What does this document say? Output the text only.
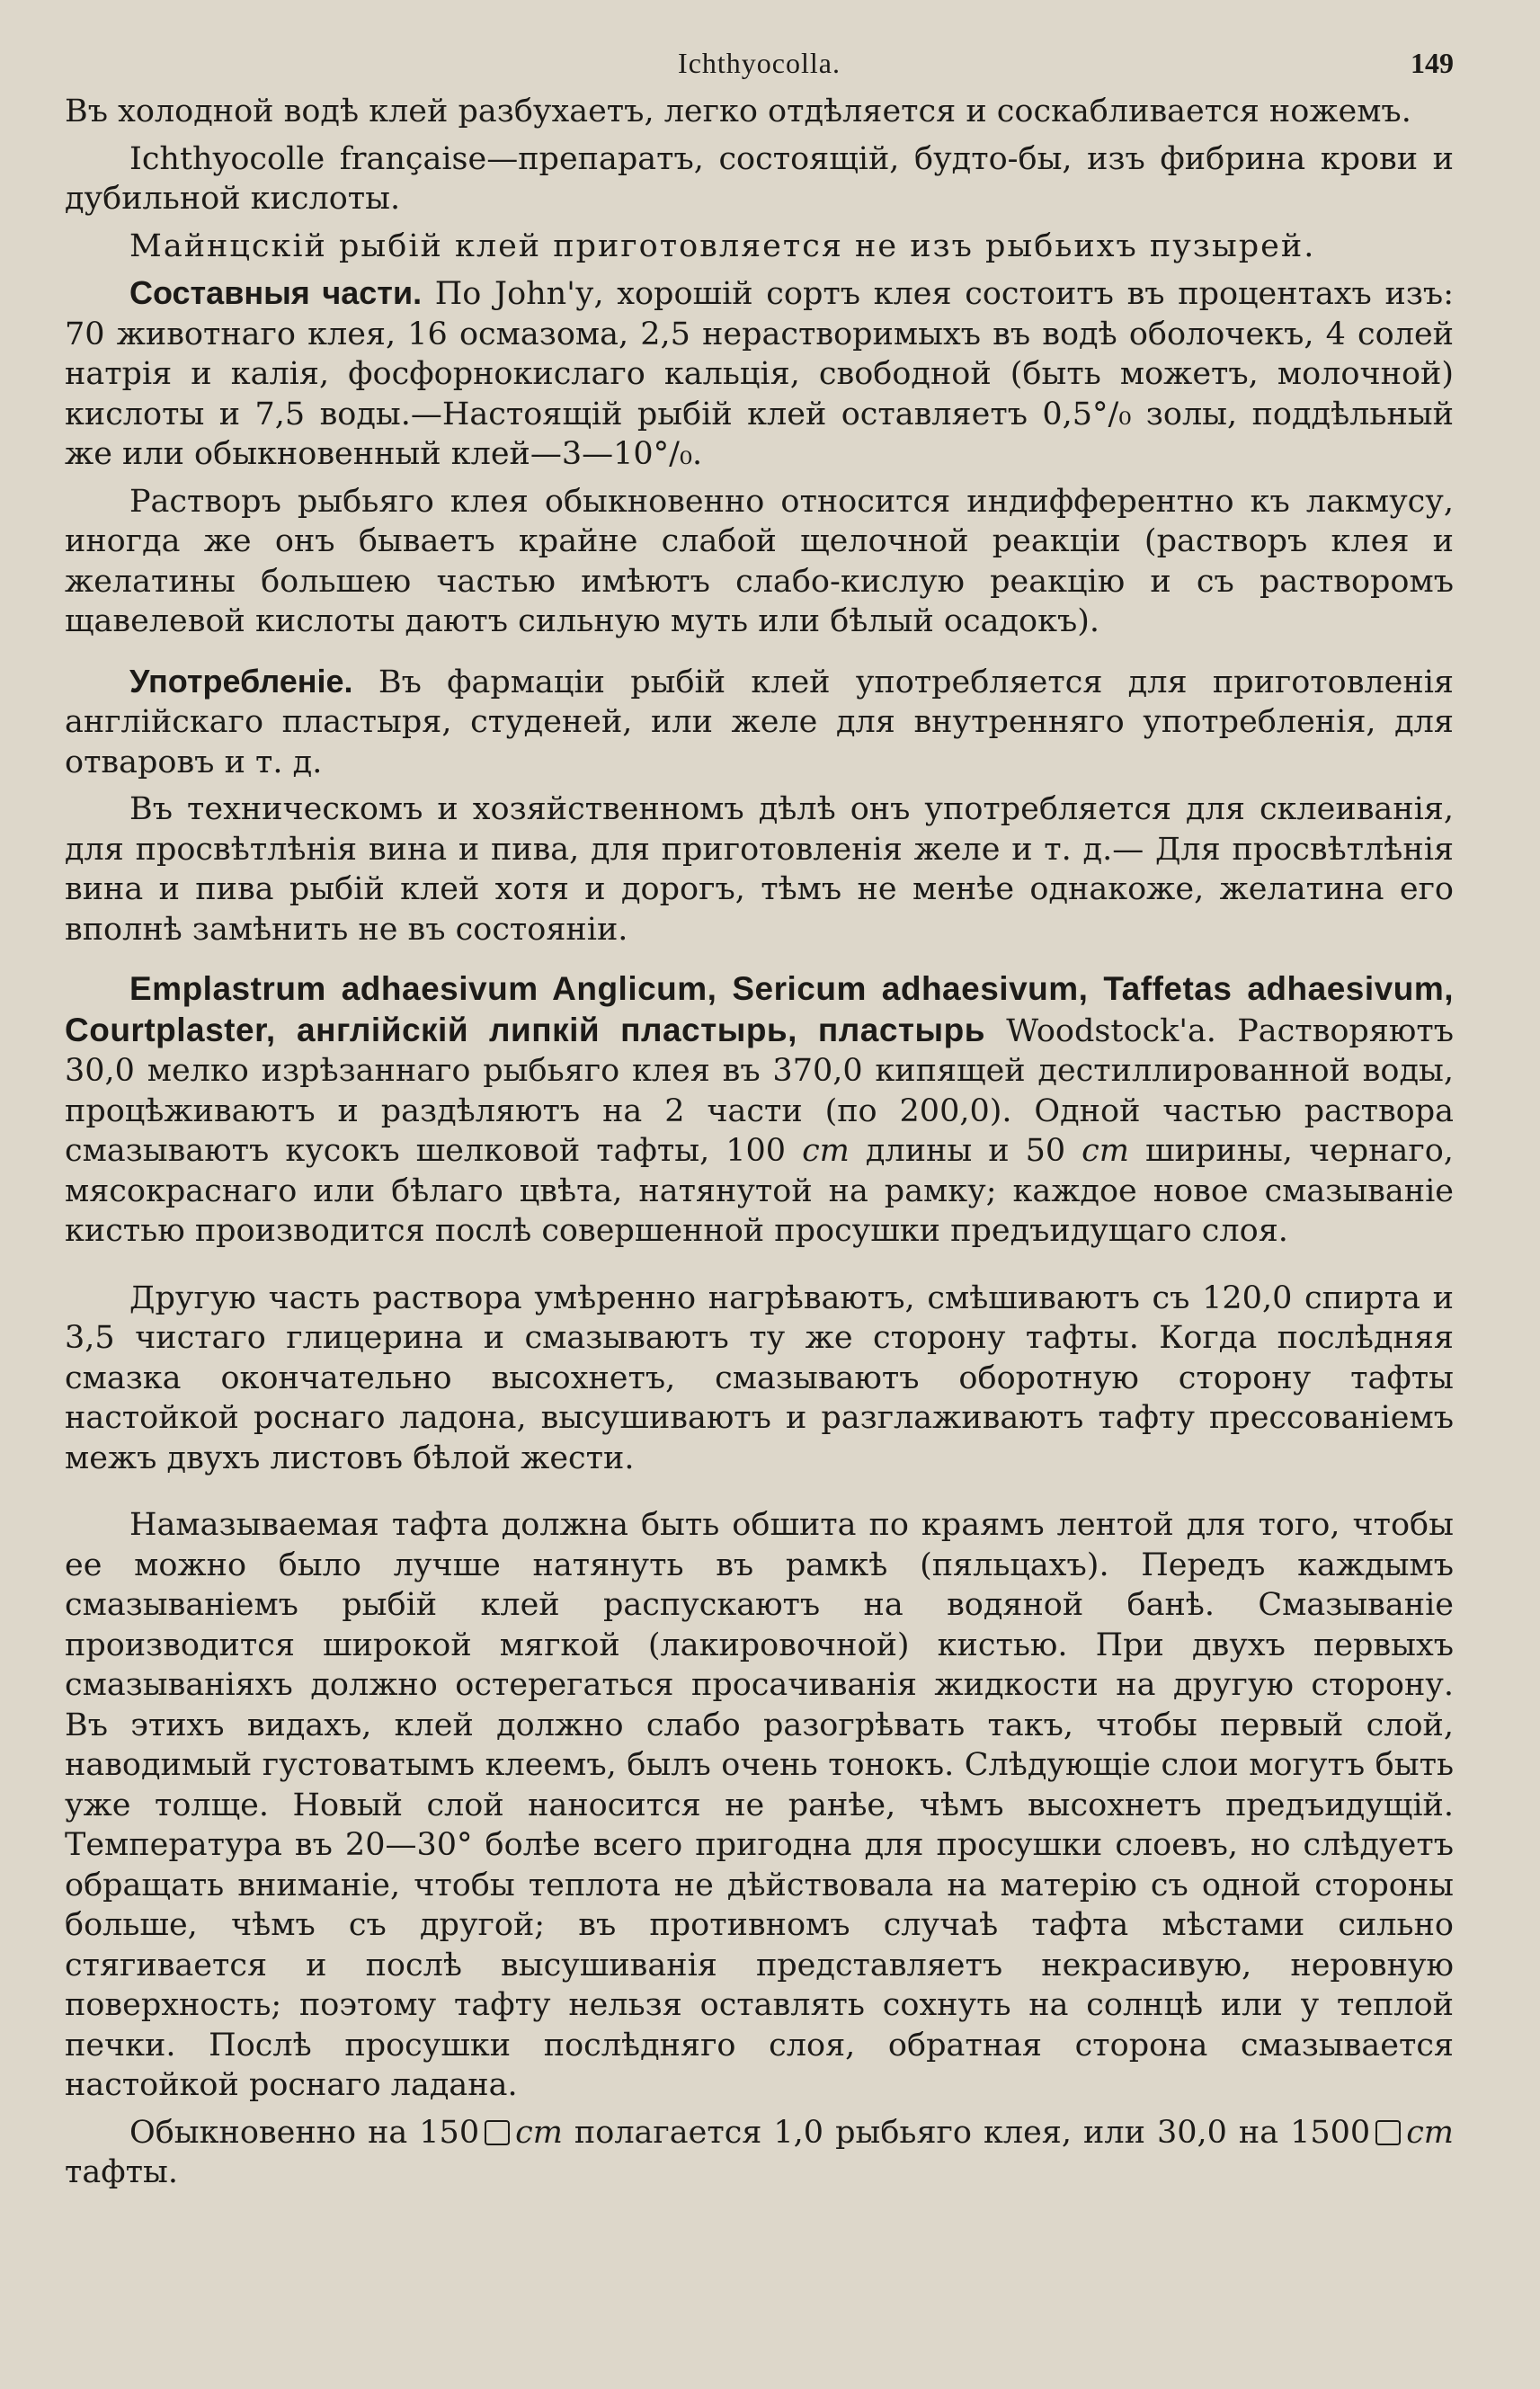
Ichthyocolla.	149

Въ холодной водѣ клей разбухаетъ, легко отдѣляется и соскабливается ножемъ.

Ichthyocolle française—препаратъ, состоящій, будто-бы, изъ фибрина крови и дубильной кислоты.

Майнцскій рыбій клей приготовляется не изъ рыбьихъ пузырей.

Составныя части. По John'у, хорошій сортъ клея состоитъ въ процентахъ изъ: 70 животнаго клея, 16 осмазома, 2,5 нерастворимыхъ въ водѣ оболочекъ, 4 солей натрія и калія, фосфорнокислаго кальція, свободной (быть можетъ, молочной) кислоты и 7,5 воды.—Настоящій рыбій клей оставляетъ 0,5°/₀ золы, поддѣльный же или обыкновенный клей—3—10°/₀.

Растворъ рыбьяго клея обыкновенно относится индифферентно къ лакмусу, иногда же онъ бываетъ крайне слабой щелочной реакціи (растворъ клея и желатины большею частью имѣютъ слабо-кислую реакцію и съ растворомъ щавелевой кислоты даютъ сильную муть или бѣлый осадокъ).

Употребленіе. Въ фармаціи рыбій клей употребляется для приготовленія англійскаго пластыря, студеней, или желе для внутренняго употребленія, для отваровъ и т. д.

Въ техническомъ и хозяйственномъ дѣлѣ онъ употребляется для склеиванія, для просвѣтлѣнія вина и пива, для приготовленія желе и т. д.— Для просвѣтлѣнія вина и пива рыбій клей хотя и дорогъ, тѣмъ не менѣе однакоже, желатина его вполнѣ замѣнить не въ состояніи.

Emplastrum adhaesivum Anglicum, Sericum adhaesivum, Taffetas adhaesivum, Courtplaster, англійскій липкій пластырь, пластырь Woodstock'a. Растворяютъ 30,0 мелко изрѣзаннаго рыбьяго клея въ 370,0 кипящей дестиллированной воды, процѣживаютъ и раздѣляютъ на 2 части (по 200,0). Одной частью раствора смазываютъ кусокъ шелковой тафты, 100 cm длины и 50 cm ширины, чернаго, мясокраснаго или бѣлаго цвѣта, натянутой на рамку; каждое новое смазываніе кистью производится послѣ совершенной просушки предъидущаго слоя.

Другую часть раствора умѣренно нагрѣваютъ, смѣшиваютъ съ 120,0 спирта и 3,5 чистаго глицерина и смазываютъ ту же сторону тафты. Когда послѣдняя смазка окончательно высохнетъ, смазываютъ оборотную сторону тафты настойкой роснаго ладона, высушиваютъ и разглаживаютъ тафту прессованіемъ межъ двухъ листовъ бѣлой жести.

Намазываемая тафта должна быть обшита по краямъ лентой для того, чтобы ее можно было лучше натянуть въ рамкѣ (пяльцахъ). Передъ каждымъ смазываніемъ рыбій клей распускаютъ на водяной банѣ. Смазываніе производится широкой мягкой (лакировочной) кистью. При двухъ первыхъ смазываніяхъ должно остерегаться просачиванія жидкости на другую сторону. Въ этихъ видахъ, клей должно слабо разогрѣвать такъ, чтобы первый слой, наводимый густоватымъ клеемъ, былъ очень тонокъ. Слѣдующіе слои могутъ быть уже толще. Новый слой наносится не ранѣе, чѣмъ высохнетъ предъидущій. Температура въ 20—30° болѣе всего пригодна для просушки слоевъ, но слѣдуетъ обращать вниманіе, чтобы теплота не дѣйствовала на матерію съ одной стороны больше, чѣмъ съ другой; въ противномъ случаѣ тафта мѣстами сильно стягивается и послѣ высушиванія представляетъ некрасивую, неровную поверхность; поэтому тафту нельзя оставлять сохнуть на солнцѣ или у теплой печки. Послѣ просушки послѣдняго слоя, обратная сторона смазывается настойкой роснаго ладана.

Обыкновенно на 150 cm полагается 1,0 рыбьяго клея, или 30,0 на 1500 cm тафты.
